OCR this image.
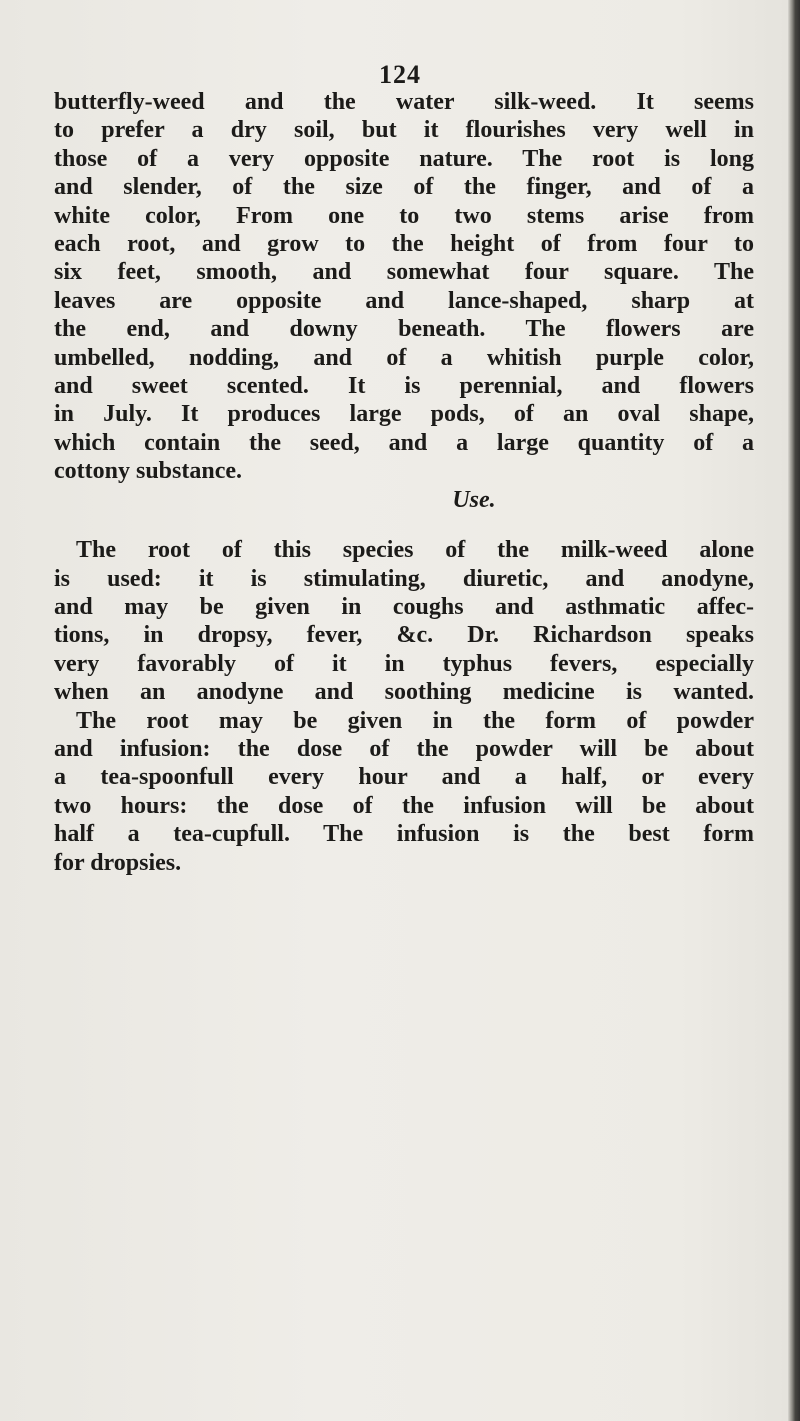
124
butterfly-weed and the water silk-weed. It seems
to prefer a dry soil, but it flourishes very well in
those of a very opposite nature. The root is long
and slender, of the size of the finger, and of a
white color, From one to two stems arise from
each root, and grow to the height of from four to
six feet, smooth, and somewhat four square. The
leaves are opposite and lance-shaped, sharp at
the end, and downy beneath. The flowers are
umbelled, nodding, and of a whitish purple color,
and sweet scented. It is perennial, and flowers
in July. It produces large pods, of an oval shape,
which contain the seed, and a large quantity of a
cottony substance.
Use.
The root of this species of the milk-weed alone
is used: it is stimulating, diuretic, and anodyne,
and may be given in coughs and asthmatic affec-
tions, in dropsy, fever, &c. Dr. Richardson speaks
very favorably of it in typhus fevers, especially
when an anodyne and soothing medicine is wanted.
The root may be given in the form of powder
and infusion: the dose of the powder will be about
a tea-spoonfull every hour and a half, or every
two hours: the dose of the infusion will be about
half a tea-cupfull. The infusion is the best form
for dropsies.
